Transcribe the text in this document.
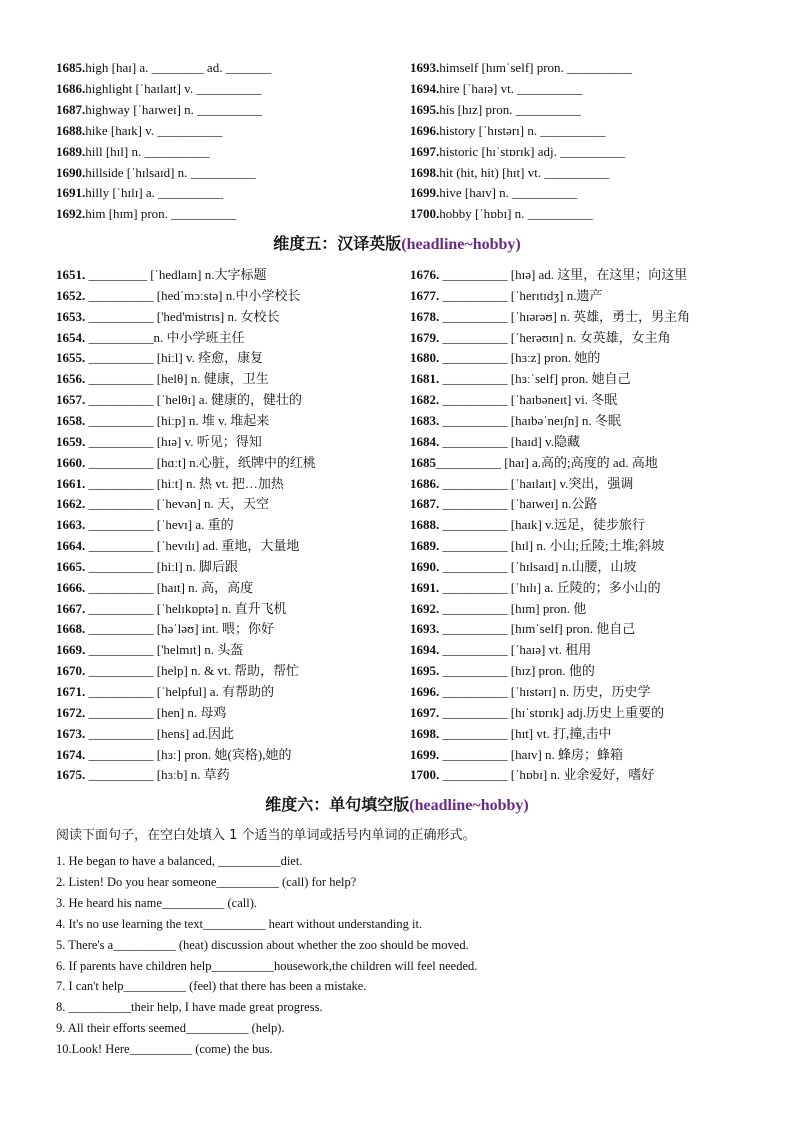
1685.high [haɪ] a. ________ ad. _______
1686.highlight [ˈhaɪlaɪt] v. __________
1687.highway [ˈhaɪweɪ] n. __________
1688.hike [haɪk] v. __________
1689.hill [hɪl] n. __________
1690.hillside [ˈhɪlsaɪd] n. __________
1691.hilly [ˈhɪlɪ] a. __________
1692.him [hɪm] pron. __________
1693.himself [hɪmˈself] pron. __________
1694.hire [ˈhaɪə] vt. __________
1695.his [hɪz] pron. __________
1696.history [ˈhɪstərɪ] n. __________
1697.historic [hɪˈstɒrɪk] adj. __________
1698.hit (hit, hit) [hɪt] vt. __________
1699.hive [haɪv] n. __________
1700.hobby [ˈhɒbɪ] n. __________
维度五：汉译英版(headline~hobby)
1651. _________ [ˈhedlaɪn] n.大字标题
1652. __________ [hedˈmɔːstə] n.中小学校长
1653. __________ ['hed'mistrɪs] n. 女校长
1654. __________n. 中小学班主任
1655. __________ [hiːl] v. 痊愈，康复
1656. __________ [helθ] n. 健康，卫生
1657. __________ [ˈhelθɪ] a. 健康的，健壮的
1658. __________ [hiːp] n. 堆 v. 堆起来
1659. __________ [hɪə] v. 听见；得知
1660. __________ [hɑːt] n.心脏，纸牌中的红桃
1661. __________ [hiːt] n. 热 vt. 把…加热
1662. __________ [ˈhevən] n. 天，天空
1663. __________ [ˈhevɪ] a. 重的
1664. __________ [ˈhevɪlɪ] ad. 重地，大量地
1665. __________ [hiːl] n. 脚后跟
1666. __________ [haɪt] n. 高，高度
1667. __________ [ˈhelɪkɒptə] n. 直升飞机
1668. __________ [həˈləʊ] int. 喂；你好
1669. __________ ['helmɪt] n. 头盔
1670. __________ [help] n. & vt. 帮助，帮忙
1671. __________ [ˈhelpful] a. 有帮助的
1672. __________ [hen] n. 母鸡
1673. __________ [hens] ad.因此
1674. __________ [hɜː] pron. 她(宾格),她的
1675. __________ [hɜːb] n. 草药
1676. __________ [hɪə] ad. 这里，在这里；向这里
1677. __________ [ˈherɪtɪdʒ] n.遗产
1678. __________ [ˈhɪərəʊ] n. 英雄，勇士，男主角
1679. __________ [ˈherəʊɪn] n. 女英雄，女主角
1680. __________ [hɜːz] pron. 她的
1681. __________ [hɜːˈself] pron. 她自己
1682. __________ [ˈhaɪbəneɪt] vi. 冬眠
1683. __________ [haɪbəˈneɪʃn] n. 冬眠
1684. __________ [haɪd] v.隐藏
1685__________ [haɪ] a.高的;高度的 ad. 高地
1686. __________ [ˈhaɪlaɪt] v.突出，强调
1687. __________ [ˈhaɪweɪ] n.公路
1688. __________ [haɪk] v.远足，徒步旅行
1689. __________ [hɪl] n. 小山;丘陵;土堆;斜坡
1690. __________ [ˈhɪlsaɪd] n.山腰，山坡
1691. __________ [ˈhɪlɪ] a. 丘陵的；多小山的
1692. __________ [hɪm] pron. 他
1693. __________ [hɪmˈself] pron. 他自己
1694. __________ [ˈhaɪə] vt. 租用
1695. __________ [hɪz] pron. 他的
1696. __________ [ˈhɪstərɪ] n. 历史，历史学
1697. __________ [hɪˈstɒrɪk] adj.历史上重要的
1698. __________ [hɪt] vt. 打,撞,击中
1699. __________ [haɪv] n. 蜂房；蜂箱
1700. __________ [ˈhɒbɪ] n. 业余爱好，嗜好
维度六：单句填空版(headline~hobby)
阅读下面句子，在空白处填入 1 个适当的单词或括号内单词的正确形式。
1. He began to have a balanced, __________diet.
2. Listen! Do you hear someone__________ (call) for help?
3. He heard his name__________ (call).
4. It's no use learning the text__________ heart without understanding it.
5. There's a__________ (heat) discussion about whether the zoo should be moved.
6. If parents have children help__________housework,the children will feel needed.
7. I can't help__________ (feel) that there has been a mistake.
8. __________their help, I have made great progress.
9. All their efforts seemed__________ (help).
10.Look! Here__________ (come) the bus.
